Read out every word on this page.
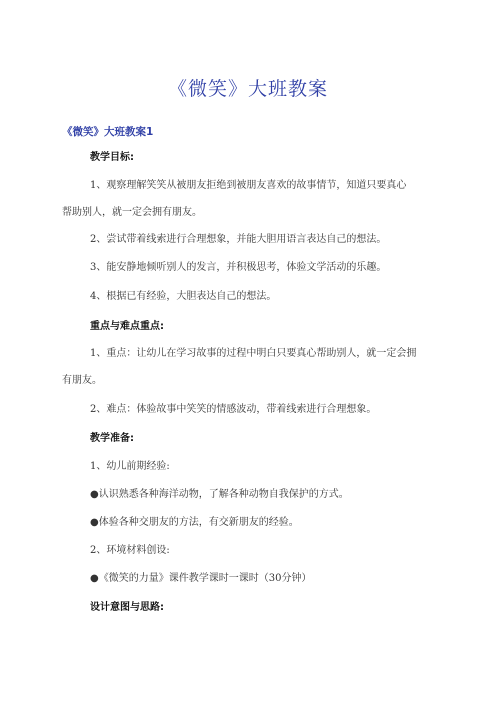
《微笑》大班教案
《微笑》大班教案1
教学目标:
1、观察理解笑笑从被朋友拒绝到被朋友喜欢的故事情节，知道只要真心
帮助别人，就一定会拥有朋友。
2、尝试带着线索进行合理想象，并能大胆用语言表达自己的想法。
3、能安静地倾听别人的发言，并积极思考，体验文学活动的乐趣。
4、根据已有经验，大胆表达自己的想法。
重点与难点重点:
1、重点：让幼儿在学习故事的过程中明白只要真心帮助别人，就一定会拥
有朋友。
2、难点：体验故事中笑笑的情感波动，带着线索进行合理想象。
教学准备:
1、幼儿前期经验:
●认识熟悉各种海洋动物，了解各种动物自我保护的方式。
●体验各种交朋友的方法，有交新朋友的经验。
2、环境材料创设:
●《微笑的力量》课件教学课时一课时（30分钟）
设计意图与思路:
